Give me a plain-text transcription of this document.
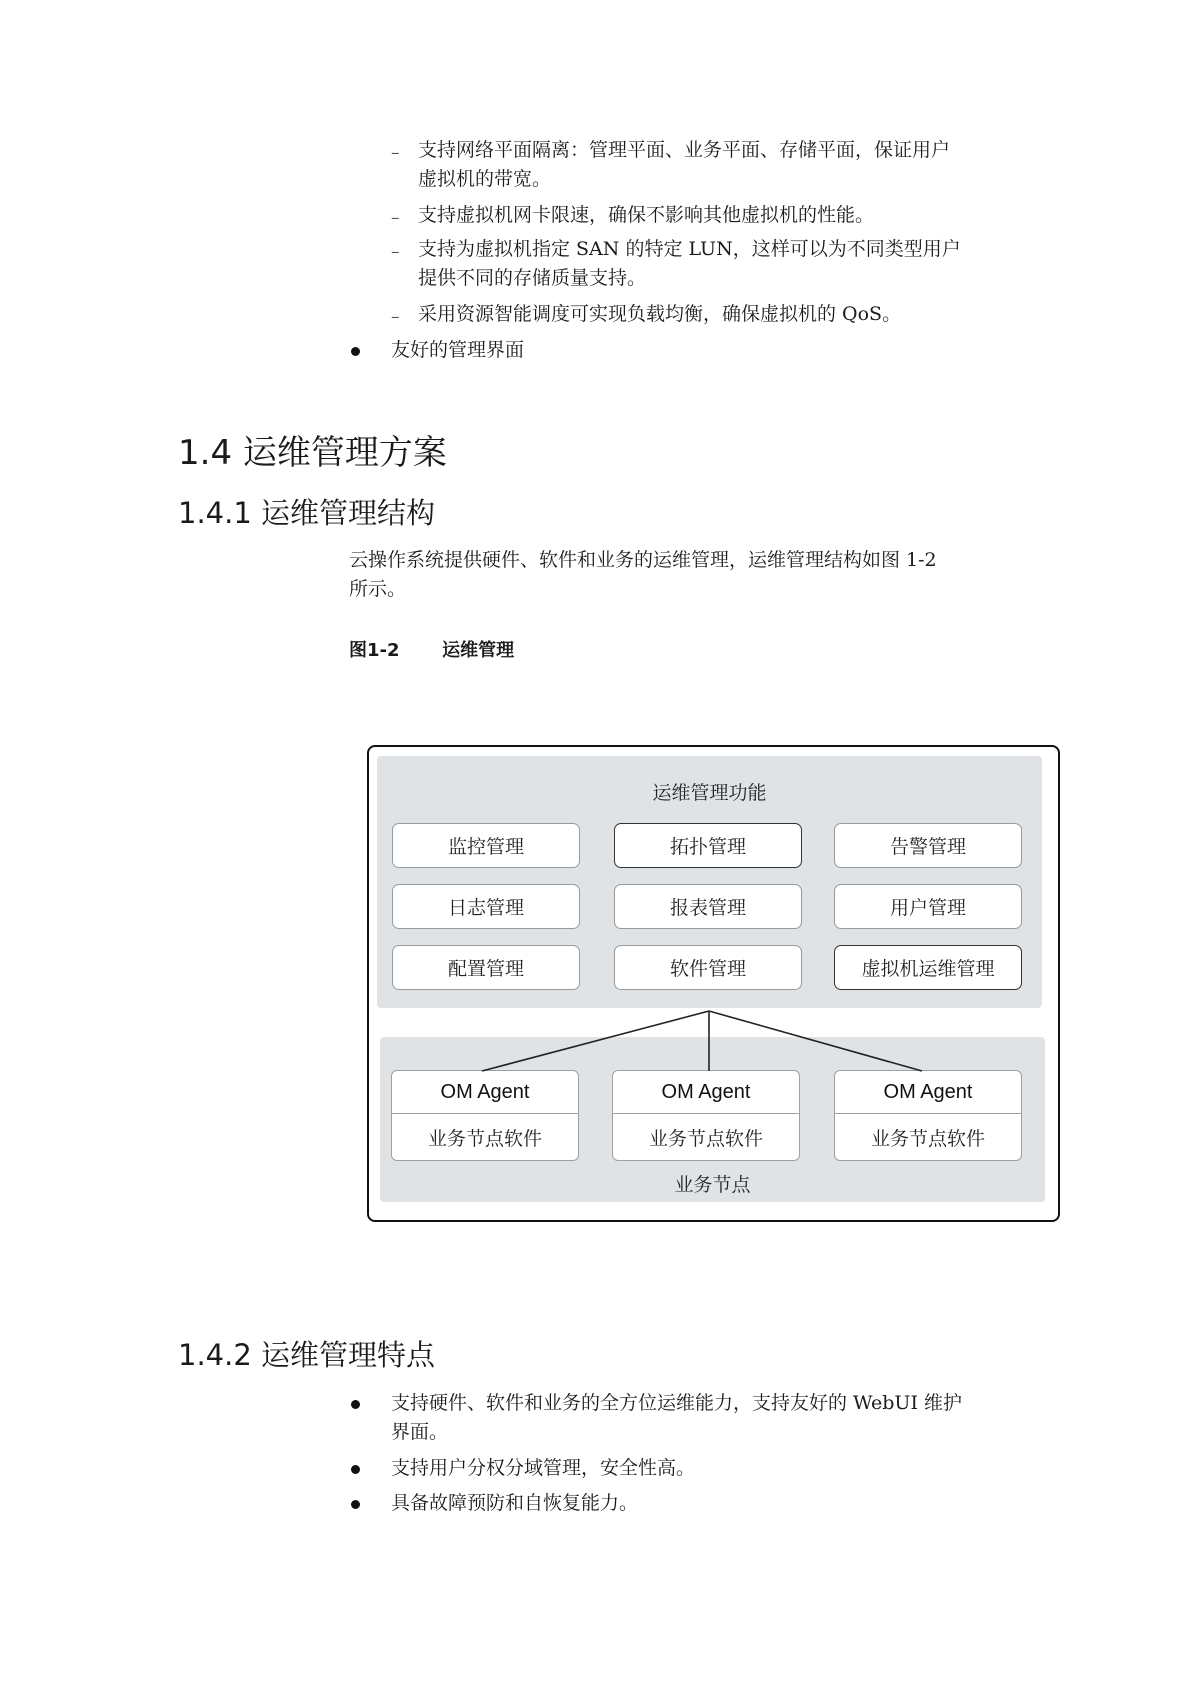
– 支持网络平面隔离：管理平面、业务平面、存储平面，保证用户
虚拟机的带宽。
– 支持虚拟机网卡限速，确保不影响其他虚拟机的性能。
– 支持为虚拟机指定 SAN 的特定 LUN，这样可以为不同类型用户
提供不同的存储质量支持。
– 采用资源智能调度可实现负载均衡，确保虚拟机的 QoS。
友好的管理界面
1.4 运维管理方案
1.4.1 运维管理结构
云操作系统提供硬件、软件和业务的运维管理，运维管理结构如图 1-2
所示。
图1-2 运维管理
运维管理功能
监控管理	拓扑管理	告警管理
日志管理	报表管理	用户管理
配置管理	软件管理	虚拟机运维管理
OM Agent
业务节点软件
OM Agent
业务节点软件
OM Agent
业务节点软件
业务节点
1.4.2 运维管理特点
支持硬件、软件和业务的全方位运维能力，支持友好的 WebUI 维护
界面。
支持用户分权分域管理，安全性高。
具备故障预防和自恢复能力。
